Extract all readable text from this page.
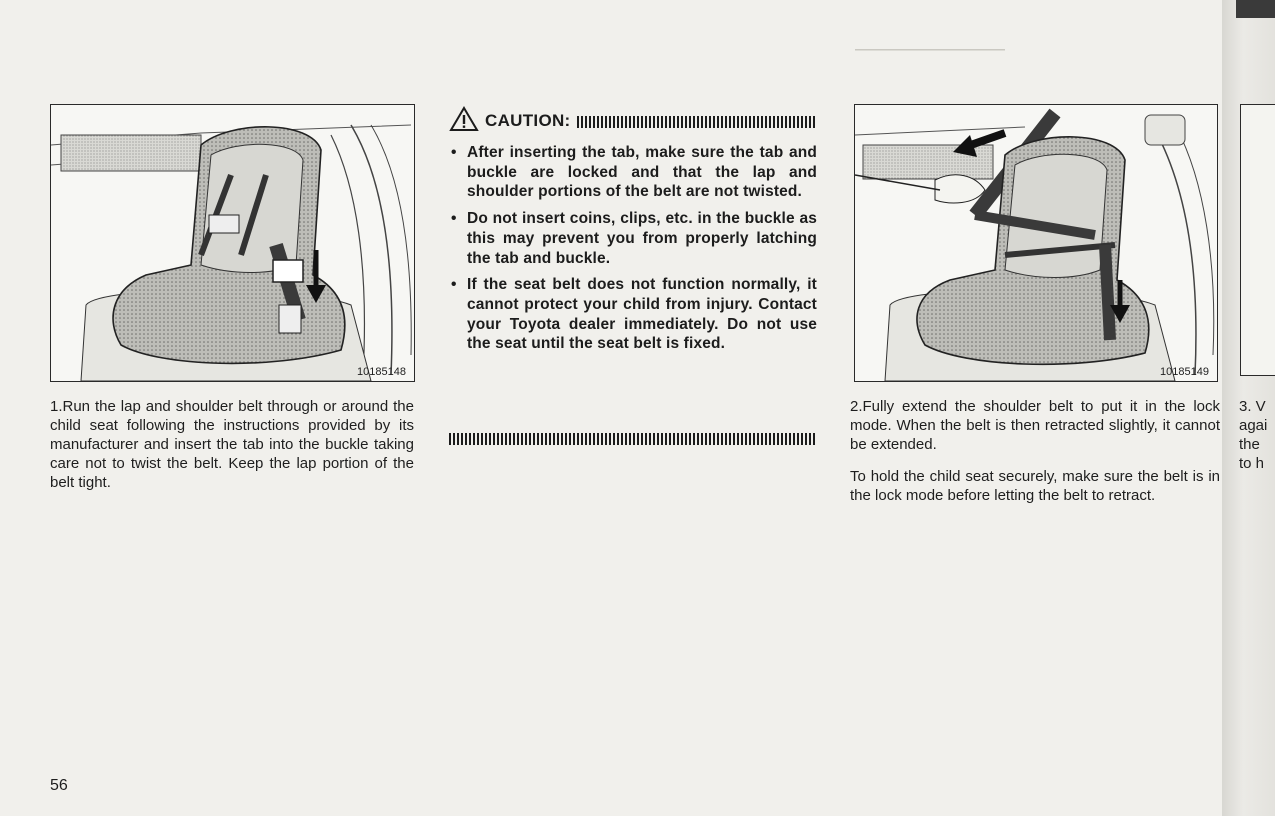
——————————
10185148
1.Run the lap and shoulder belt through or around the child seat following the instructions provided by its manufacturer and insert the tab into the buckle taking care not to twist the belt. Keep the lap portion of the belt tight.
CAUTION:
• After inserting the tab, make sure the tab and buckle are locked and that the lap and shoulder portions of the belt are not twisted.
• Do not insert coins, clips, etc. in the buckle as this may prevent you from properly latching the tab and buckle.
• If the seat belt does not function normally, it cannot protect your child from injury. Contact your Toyota dealer immediately. Do not use the seat until the seat belt is fixed.
10185149
2.Fully extend the shoulder belt to put it in the lock mode. When the belt is then retracted slightly, it cannot be extended.
To hold the child seat securely, make sure the belt is in the lock mode before letting the belt to retract.
3. V
agai
the
to h
56
